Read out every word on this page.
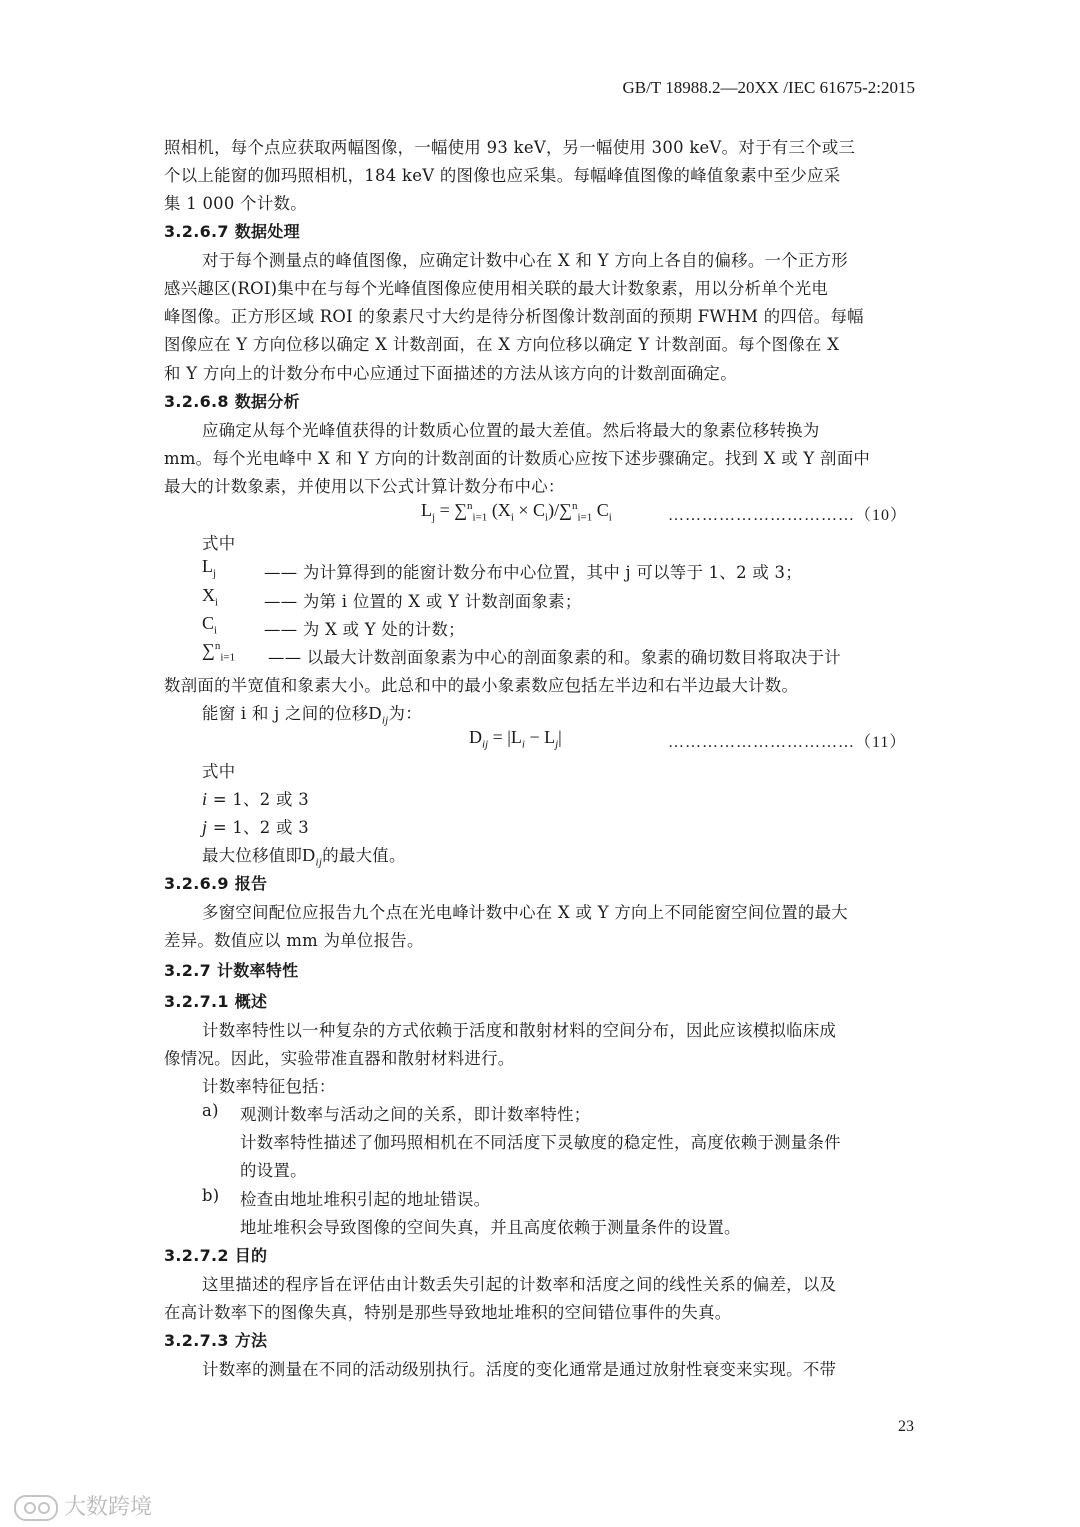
GB/T 18988.2—20XX /IEC 61675-2:2015
照相机，每个点应获取两幅图像，一幅使用 93 keV，另一幅使用 300 keV。对于有三个或三
个以上能窗的伽玛照相机，184 keV 的图像也应采集。每幅峰值图像的峰值象素中至少应采
集 1 000 个计数。
3.2.6.7 数据处理
对于每个测量点的峰值图像，应确定计数中心在 X 和 Y 方向上各自的偏移。一个正方形
感兴趣区(ROI)集中在与每个光峰值图像应使用相关联的最大计数象素，用以分析单个光电
峰图像。正方形区域 ROI 的象素尺寸大约是待分析图像计数剖面的预期 FWHM 的四倍。每幅
图像应在 Y 方向位移以确定 X 计数剖面，在 X 方向位移以确定 Y 计数剖面。每个图像在 X
和 Y 方向上的计数分布中心应通过下面描述的方法从该方向的计数剖面确定。
3.2.6.8 数据分析
应确定从每个光峰值获得的计数质心位置的最大差值。然后将最大的象素位移转换为
mm。每个光电峰中 X 和 Y 方向的计数剖面的计数质心应按下述步骤确定。找到 X 或 Y 剖面中
最大的计数象素，并使用以下公式计算计数分布中心：
$L_j = \sum^n_{i=1}$ $(X_i \times C_i)/\sum^n_{i=1}$ $C_i$	……………………………（10）
式中
$L_j$	—— 为计算得到的能窗计数分布中心位置，其中 j 可以等于 1、2 或 3；
$X_i$	—— 为第 i 位置的 X 或 Y 计数剖面象素；
$C_i$	—— 为 X 或 Y 处的计数；
∑$^n_{i=1}$ —— 以最大计数剖面象素为中心的剖面象素的和。象素的确切数目将取决于计
数剖面的半宽值和象素大小。此总和中的最小象素数应包括左半边和右半边最大计数。
能窗 i 和 j 之间的位移$D_{ij}$为：
$D_{ij} = |L_i - L_j|$	……………………………（11）
式中
i = 1、2 或 3
j = 1、2 或 3
最大位移值即$D_{ij}$的最大值。
3.2.6.9 报告
多窗空间配位应报告九个点在光电峰计数中心在 X 或 Y 方向上不同能窗空间位置的最大
差异。数值应以 mm 为单位报告。
3.2.7 计数率特性
3.2.7.1 概述
计数率特性以一种复杂的方式依赖于活度和散射材料的空间分布，因此应该模拟临床成
像情况。因此，实验带准直器和散射材料进行。
计数率特征包括：
a) 观测计数率与活动之间的关系，即计数率特性；
计数率特性描述了伽玛照相机在不同活度下灵敏度的稳定性，高度依赖于测量条件
的设置。
b) 检查由地址堆积引起的地址错误。
地址堆积会导致图像的空间失真，并且高度依赖于测量条件的设置。
3.2.7.2 目的
这里描述的程序旨在评估由计数丢失引起的计数率和活度之间的线性关系的偏差，以及
在高计数率下的图像失真，特别是那些导致地址堆积的空间错位事件的失真。
3.2.7.3 方法
计数率的测量在不同的活动级别执行。活度的变化通常是通过放射性衰变来实现。不带
23
大数跨境
